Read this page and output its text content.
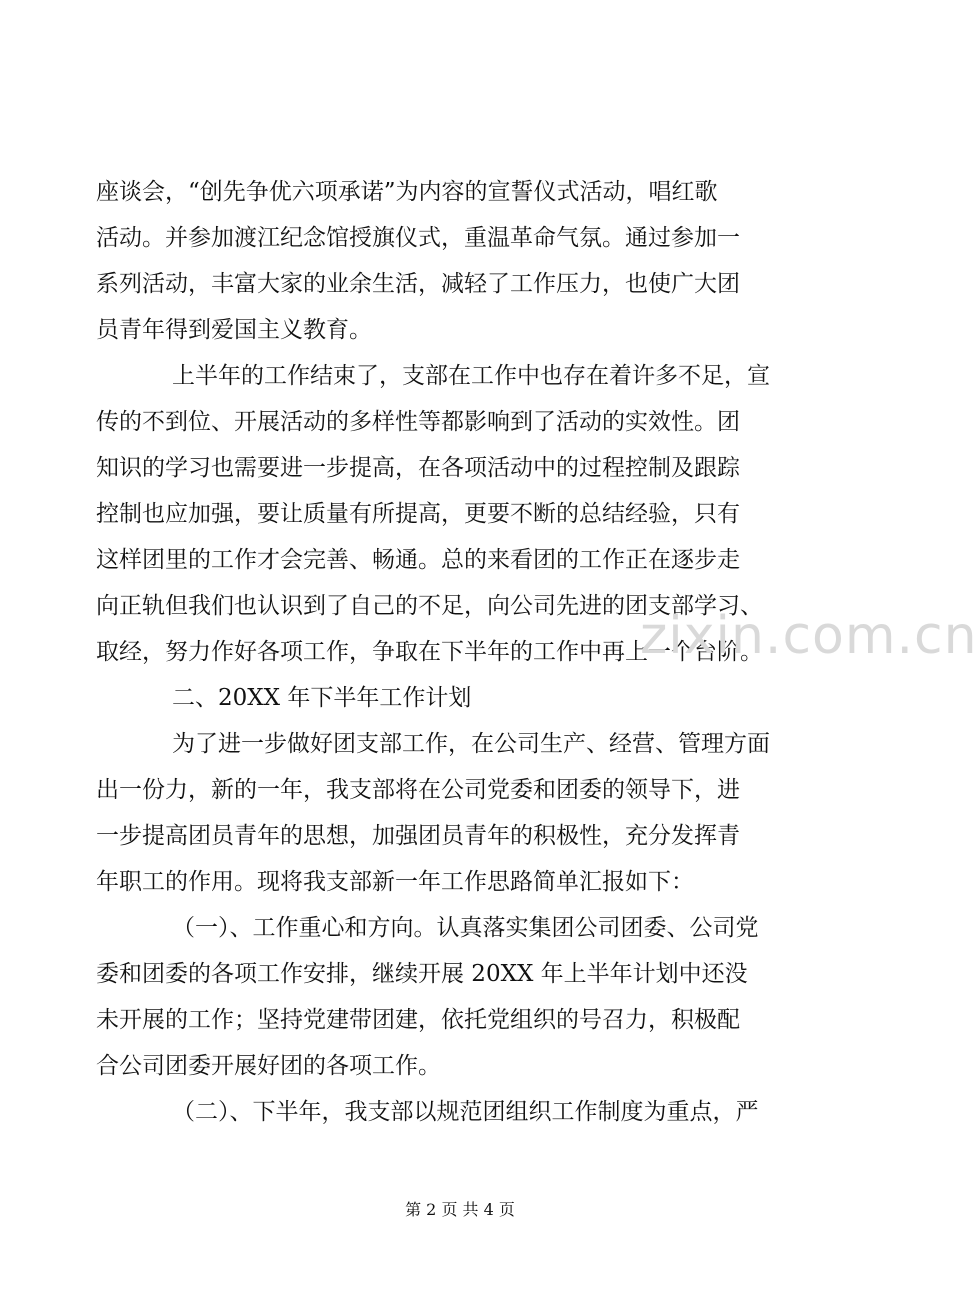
座谈会，“创先争优六项承诺”为内容的宣誓仪式活动，唱红歌
活动。并参加渡江纪念馆授旗仪式，重温革命气氛。通过参加一
系列活动，丰富大家的业余生活，减轻了工作压力，也使广大团
员青年得到爱国主义教育。
上半年的工作结束了，支部在工作中也存在着许多不足，宣
传的不到位、开展活动的多样性等都影响到了活动的实效性。团
知识的学习也需要进一步提高，在各项活动中的过程控制及跟踪
控制也应加强，要让质量有所提高，更要不断的总结经验，只有
这样团里的工作才会完善、畅通。总的来看团的工作正在逐步走
向正轨但我们也认识到了自己的不足，向公司先进的团支部学习、
取经，努力作好各项工作，争取在下半年的工作中再上一个台阶。
二、20XX 年下半年工作计划
为了进一步做好团支部工作，在公司生产、经营、管理方面
出一份力，新的一年，我支部将在公司党委和团委的领导下，进
一步提高团员青年的思想，加强团员青年的积极性，充分发挥青
年职工的作用。现将我支部新一年工作思路简单汇报如下：
（一）、工作重心和方向。认真落实集团公司团委、公司党
委和团委的各项工作安排，继续开展 20XX 年上半年计划中还没
未开展的工作；坚持党建带团建，依托党组织的号召力，积极配
合公司团委开展好团的各项工作。
（二）、下半年，我支部以规范团组织工作制度为重点，严
zixin.com.cn
第 2 页 共 4 页
